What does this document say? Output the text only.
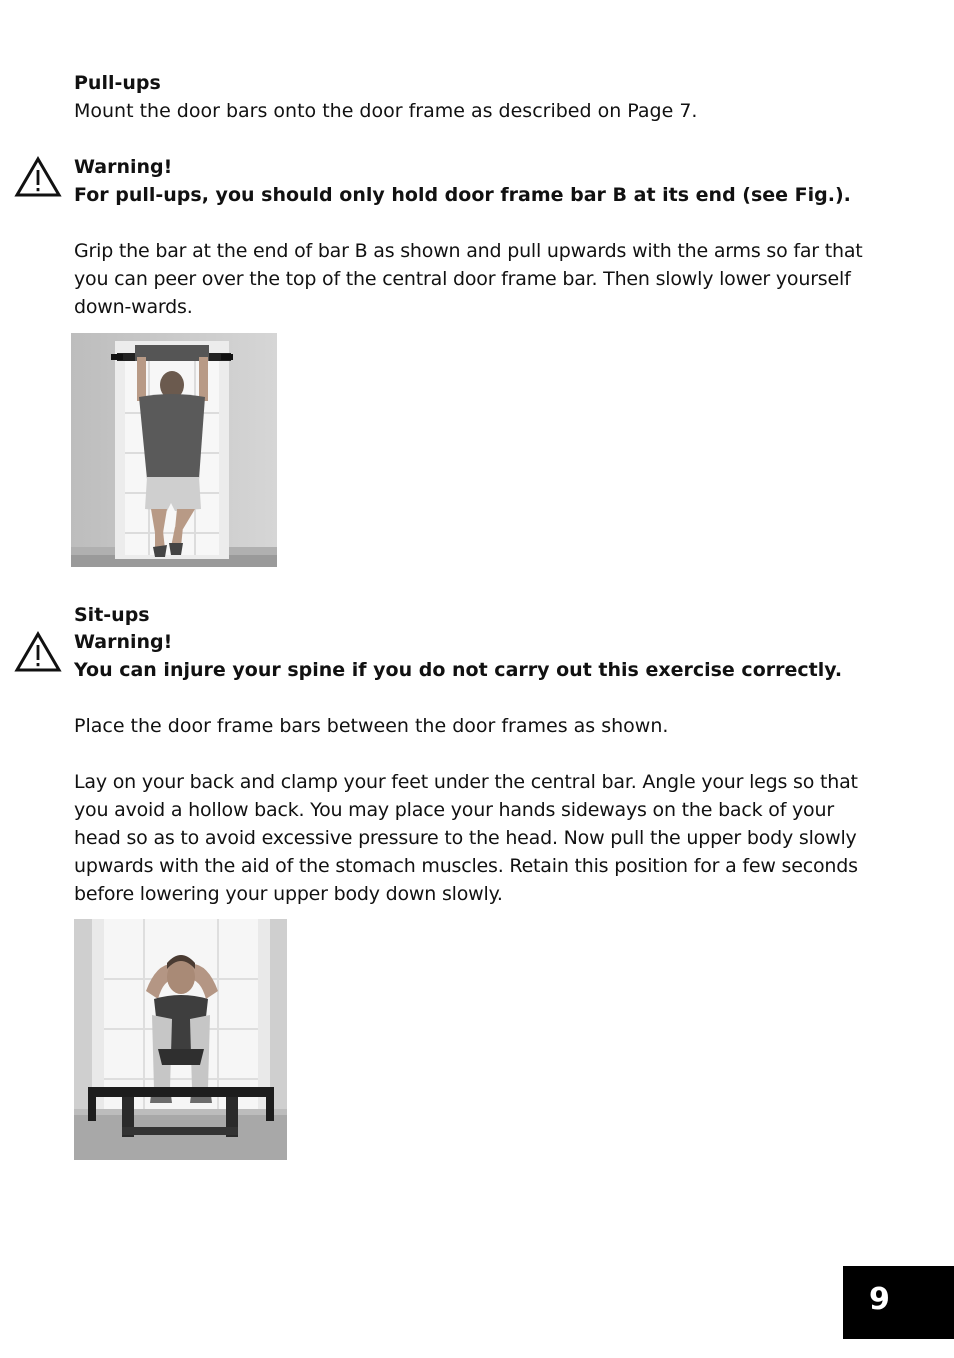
Pull-ups

Mount the door bars onto the door frame as described on Page 7.

Warning!

For pull-ups, you should only hold door frame bar B at its end (see Fig.).

Grip the bar at the end of bar B as shown and pull upwards with the arms so far that you can peer over the top of the central door frame bar. Then slowly lower yourself down-wards.

Sit-ups

Warning!

You can injure your spine if you do not carry out this exercise correctly.

Place the door frame bars between the door frames as shown.

Lay on your back and clamp your feet under the central bar. Angle your legs so that you avoid a hollow back. You may place your hands sideways on the back of your head so as to avoid excessive pressure to the head. Now pull the upper body slowly upwards with the aid of the stomach muscles. Retain this position for a few seconds before lowering your upper body down slowly.

9
